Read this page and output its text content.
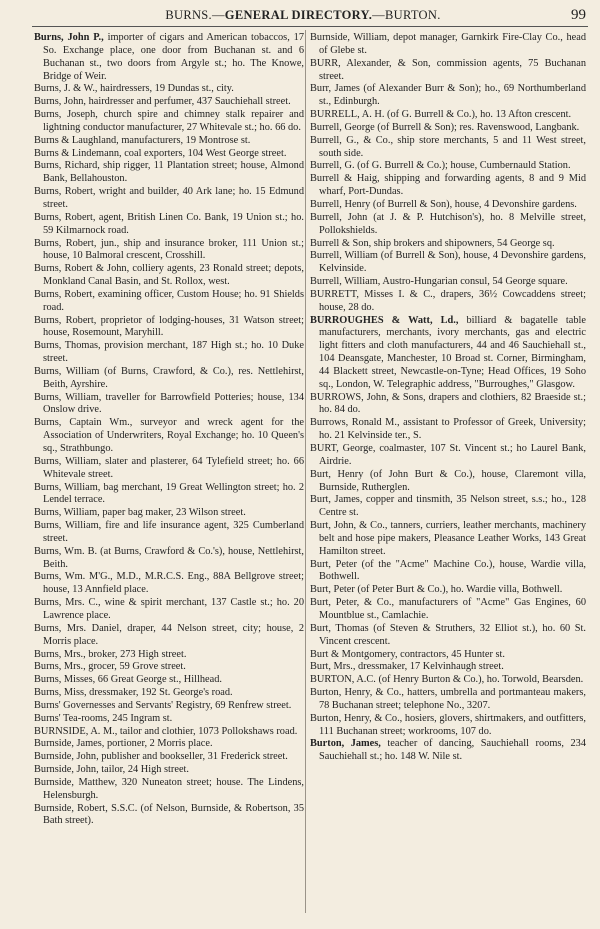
BURNS.—GENERAL DIRECTORY.—BURTON.	99

Burns, John P., importer of cigars and American tobaccos, 17 So. Exchange place, one door from Buchanan st. and 6 Buchanan st., two doors from Argyle st.; ho. The Knowe, Bridge of Weir.

Burns, J. & W., hairdressers, 19 Dundas st., city.

Burns, John, hairdresser and perfumer, 437 Sauchiehall street.

Burns, Joseph, church spire and chimney stalk repairer and lightning conductor manufacturer, 27 Whitevale st.; ho. 66 do.

Burns & Laughland, manufacturers, 19 Montrose st.

Burns & Lindemann, coal exporters, 104 West George street.

Burns, Richard, ship rigger, 11 Plantation street; house, Almond Bank, Bellahouston.

Burns, Robert, wright and builder, 40 Ark lane; ho. 15 Edmund street.

Burns, Robert, agent, British Linen Co. Bank, 19 Union st.; ho. 59 Kilmarnock road.

Burns, Robert, jun., ship and insurance broker, 111 Union st.; house, 10 Balmoral crescent, Crosshill.

Burns, Robert & John, colliery agents, 23 Ronald street; depots, Monkland Canal Basin, and St. Rollox, west.

Burns, Robert, examining officer, Custom House; ho. 91 Shields road.

Burns, Robert, proprietor of lodging-houses, 31 Watson street; house, Rosemount, Maryhill.

Burns, Thomas, provision merchant, 187 High st.; ho. 10 Duke street.

Burns, William (of Burns, Crawford, & Co.), res. Nettlehirst, Beith, Ayrshire.

Burns, William, traveller for Barrowfield Potteries; house, 134 Onslow drive.

Burns, Captain Wm., surveyor and wreck agent for the Association of Underwriters, Royal Exchange; ho. 10 Queen's sq., Strathbungo.

Burns, William, slater and plasterer, 64 Tylefield street; ho. 66 Whitevale street.

Burns, William, bag merchant, 19 Great Wellington street; ho. 2 Lendel terrace.

Burns, William, paper bag maker, 23 Wilson street.

Burns, William, fire and life insurance agent, 325 Cumberland street.

Burns, Wm. B. (at Burns, Crawford & Co.'s), house, Nettlehirst, Beith.

Burns, Wm. M'G., M.D., M.R.C.S. Eng., 88A Bellgrove street; house, 13 Annfield place.

Burns, Mrs. C., wine & spirit merchant, 137 Castle st.; ho. 20 Lawrence place.

Burns, Mrs. Daniel, draper, 44 Nelson street, city; house, 2 Morris place.

Burns, Mrs., broker, 273 High street.

Burns, Mrs., grocer, 59 Grove street.

Burns, Misses, 66 Great George st., Hillhead.

Burns, Miss, dressmaker, 192 St. George's road.

Burns' Governesses and Servants' Registry, 69 Renfrew street.

Burns' Tea-rooms, 245 Ingram st.

BURNSIDE, A. M., tailor and clothier, 1073 Pollokshaws road.

Burnside, James, portioner, 2 Morris place.

Burnside, John, publisher and bookseller, 31 Frederick street.

Burnside, John, tailor, 24 High street.

Burnside, Matthew, 320 Nuneaton street; house. The Lindens, Helensburgh.

Burnside, Robert, S.S.C. (of Nelson, Burnside, & Robertson, 35 Bath street).

Burnside, William, depot manager, Garnkirk Fire-Clay Co., head of Glebe st.

BURR, Alexander, & Son, commission agents, 75 Buchanan street.

Burr, James (of Alexander Burr & Son); ho., 69 Northumberland st., Edinburgh.

BURRELL, A. H. (of G. Burrell & Co.), ho. 13 Afton crescent.

Burrell, George (of Burrell & Son); res. Ravenswood, Langbank.

Burrell, G., & Co., ship store merchants, 5 and 11 West street, south side.

Burrell, G. (of G. Burrell & Co.); house, Cumbernauld Station.

Burrell & Haig, shipping and forwarding agents, 8 and 9 Mid wharf, Port-Dundas.

Burrell, Henry (of Burrell & Son), house, 4 Devonshire gardens.

Burrell, John (at J. & P. Hutchison's), ho. 8 Melville street, Pollokshields.

Burrell & Son, ship brokers and shipowners, 54 George sq.

Burrell, William (of Burrell & Son), house, 4 Devonshire gardens, Kelvinside.

Burrell, William, Austro-Hungarian consul, 54 George square.

BURRETT, Misses I. & C., drapers, 36½ Cowcaddens street; house, 28 do.

BURROUGHES & Watt, Ld., billiard & bagatelle table manufacturers, merchants, ivory merchants, gas and electric light fitters and cloth manufacturers, 44 and 46 Sauchiehall st., 104 Deansgate, Manchester, 10 Broad st. Corner, Birmingham, 44 Blackett street, Newcastle-on-Tyne; Head Offices, 19 Soho sq., London, W. Telegraphic address, "Burroughes," Glasgow.

BURROWS, John, & Sons, drapers and clothiers, 82 Braeside st.; ho. 84 do.

Burrows, Ronald M., assistant to Professor of Greek, University; ho. 21 Kelvinside ter., S.

BURT, George, coalmaster, 107 St. Vincent st.; ho Laurel Bank, Airdrie.

Burt, Henry (of John Burt & Co.), house, Claremont villa, Burnside, Rutherglen.

Burt, James, copper and tinsmith, 35 Nelson street, s.s.; ho., 128 Centre st.

Burt, John, & Co., tanners, curriers, leather merchants, machinery belt and hose pipe makers, Pleasance Leather Works, 143 Great Hamilton street.

Burt, Peter (of the "Acme" Machine Co.), house, Wardie villa, Bothwell.

Burt, Peter (of Peter Burt & Co.), ho. Wardie villa, Bothwell.

Burt, Peter, & Co., manufacturers of "Acme" Gas Engines, 60 Mountblue st., Camlachie.

Burt, Thomas (of Steven & Struthers, 32 Elliot st.), ho. 60 St. Vincent crescent.

Burt & Montgomery, contractors, 45 Hunter st.

Burt, Mrs., dressmaker, 17 Kelvinhaugh street.

BURTON, A.C. (of Henry Burton & Co.), ho. Torwold, Bearsden.

Burton, Henry, & Co., hatters, umbrella and portmanteau makers, 78 Buchanan street; telephone No., 3207.

Burton, Henry, & Co., hosiers, glovers, shirtmakers, and outfitters, 111 Buchanan street; workrooms, 107 do.

Burton, James, teacher of dancing, Sauchiehall rooms, 234 Sauchiehall st.; ho. 148 W. Nile st.
